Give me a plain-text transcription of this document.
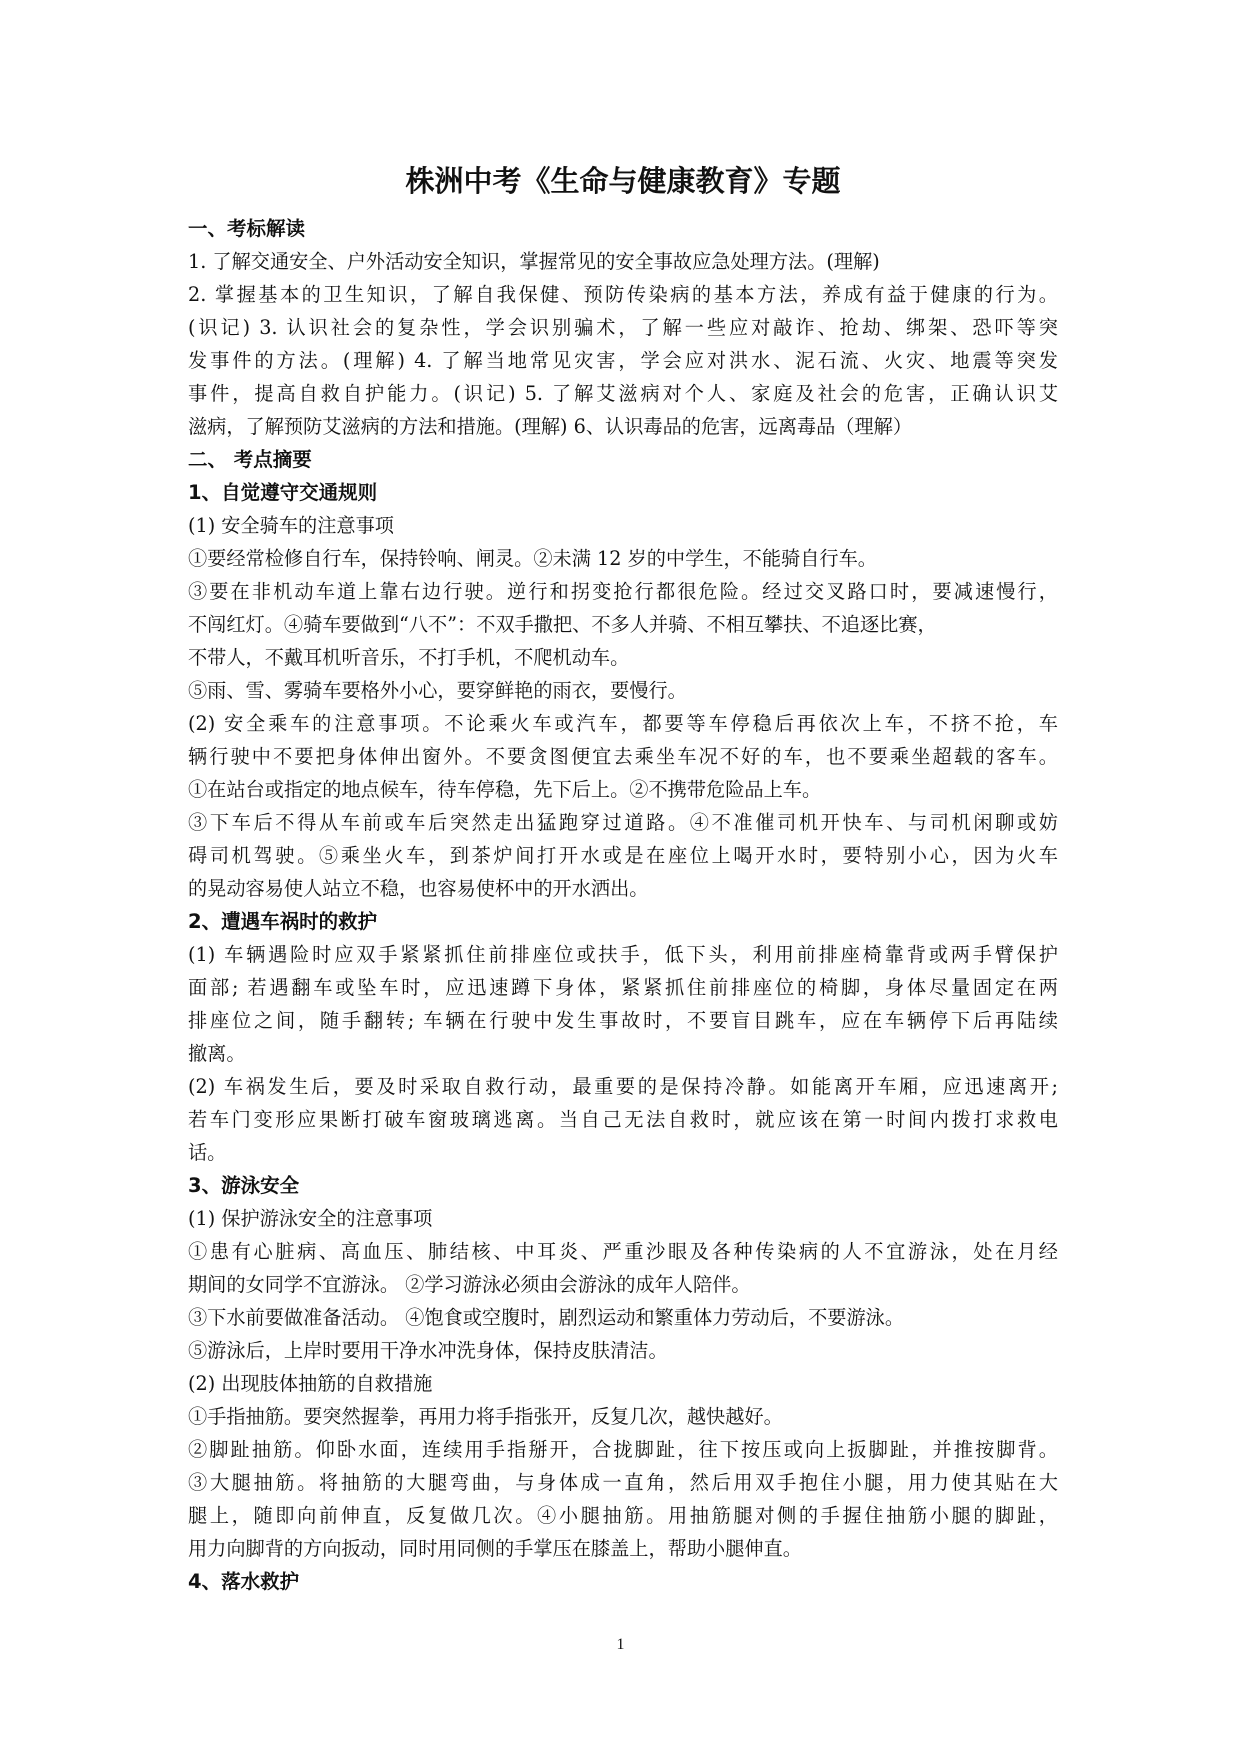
株洲中考《生命与健康教育》专题
一、考标解读
1. 了解交通安全、户外活动安全知识，掌握常见的安全事故应急处理方法。(理解)
2. 掌握基本的卫生知识，了解自我保健、预防传染病的基本方法，养成有益于健康的行为。
(识记) 3. 认识社会的复杂性，学会识别骗术，了解一些应对敲诈、抢劫、绑架、恐吓等突
发事件的方法。(理解) 4. 了解当地常见灾害，学会应对洪水、泥石流、火灾、地震等突发
事件，提高自救自护能力。(识记) 5. 了解艾滋病对个人、家庭及社会的危害，正确认识艾
滋病，了解预防艾滋病的方法和措施。(理解) 6、认识毒品的危害，远离毒品（理解）
二、 考点摘要
1、自觉遵守交通规则
(1) 安全骑车的注意事项
①要经常检修自行车，保持铃响、闸灵。②未满 12 岁的中学生，不能骑自行车。
③要在非机动车道上靠右边行驶。逆行和拐变抢行都很危险。经过交叉路口时，要减速慢行，
不闯红灯。④骑车要做到“八不”：不双手撒把、不多人并骑、不相互攀扶、不追逐比赛，
不带人，不戴耳机听音乐，不打手机，不爬机动车。
⑤雨、雪、雾骑车要格外小心，要穿鲜艳的雨衣，要慢行。
(2) 安全乘车的注意事项。不论乘火车或汽车，都要等车停稳后再依次上车，不挤不抢，车
辆行驶中不要把身体伸出窗外。不要贪图便宜去乘坐车况不好的车，也不要乘坐超载的客车。
①在站台或指定的地点候车，待车停稳，先下后上。②不携带危险品上车。
③下车后不得从车前或车后突然走出猛跑穿过道路。④不准催司机开快车、与司机闲聊或妨
碍司机驾驶。⑤乘坐火车，到茶炉间打开水或是在座位上喝开水时，要特别小心，因为火车
的晃动容易使人站立不稳，也容易使杯中的开水洒出。
2、遭遇车祸时的救护
(1) 车辆遇险时应双手紧紧抓住前排座位或扶手，低下头，利用前排座椅靠背或两手臂保护
面部; 若遇翻车或坠车时，应迅速蹲下身体，紧紧抓住前排座位的椅脚，身体尽量固定在两
排座位之间，随手翻转; 车辆在行驶中发生事故时，不要盲目跳车，应在车辆停下后再陆续
撤离。
(2) 车祸发生后，要及时采取自救行动，最重要的是保持冷静。如能离开车厢，应迅速离开;
若车门变形应果断打破车窗玻璃逃离。当自己无法自救时，就应该在第一时间内拨打求救电
话。
3、游泳安全
(1) 保护游泳安全的注意事项
①患有心脏病、高血压、肺结核、中耳炎、严重沙眼及各种传染病的人不宜游泳，处在月经
期间的女同学不宜游泳。 ②学习游泳必须由会游泳的成年人陪伴。
③下水前要做准备活动。 ④饱食或空腹时，剧烈运动和繁重体力劳动后，不要游泳。
⑤游泳后，上岸时要用干净水冲洗身体，保持皮肤清洁。
(2) 出现肢体抽筋的自救措施
①手指抽筋。要突然握拳，再用力将手指张开，反复几次，越快越好。
②脚趾抽筋。仰卧水面，连续用手指掰开，合拢脚趾，往下按压或向上扳脚趾，并推按脚背。
③大腿抽筋。将抽筋的大腿弯曲，与身体成一直角，然后用双手抱住小腿，用力使其贴在大
腿上，随即向前伸直，反复做几次。④小腿抽筋。用抽筋腿对侧的手握住抽筋小腿的脚趾，
用力向脚背的方向扳动，同时用同侧的手掌压在膝盖上，帮助小腿伸直。
4、落水救护
1
